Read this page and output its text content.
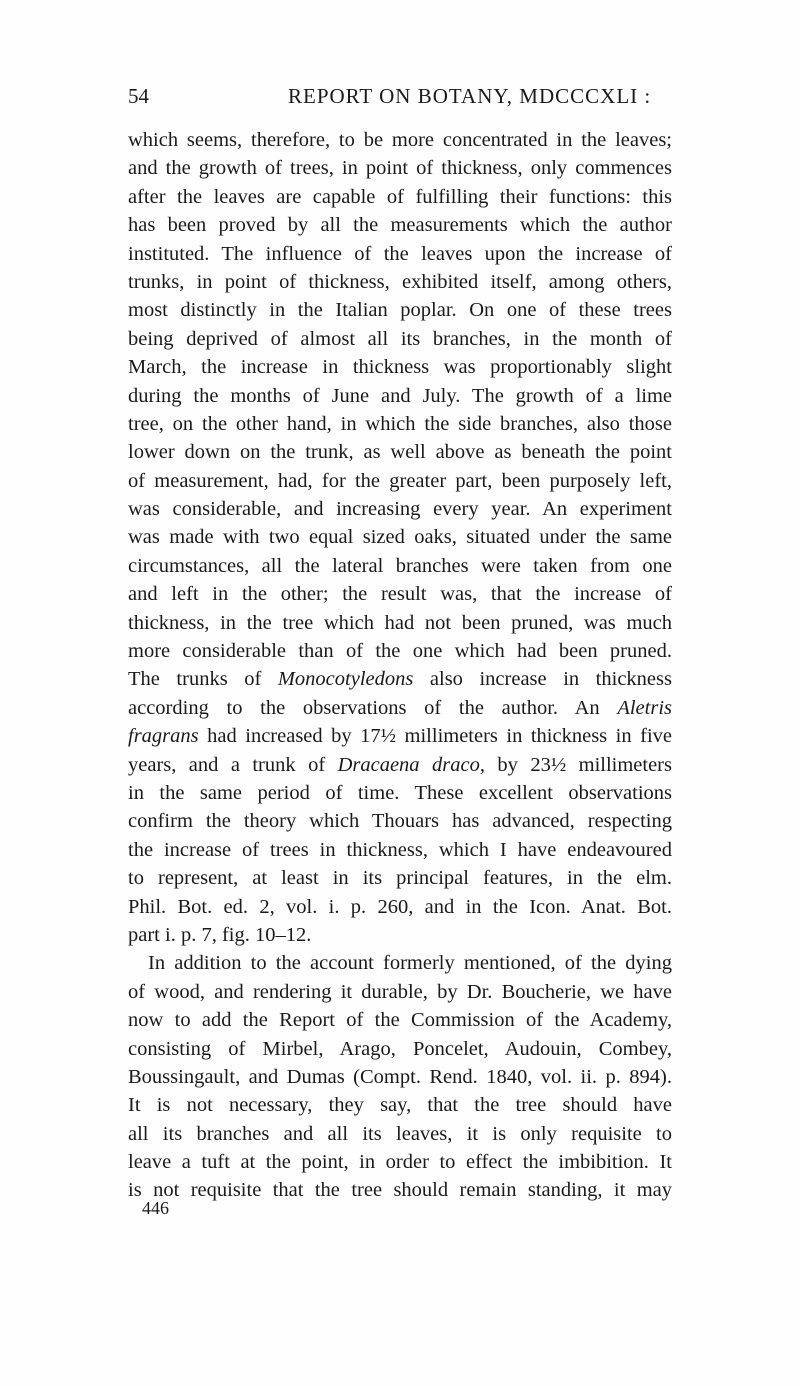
54	REPORT ON BOTANY, MDCCCXLI :
which seems, therefore, to be more concentrated in the leaves;
and the growth of trees, in point of thickness, only commences
after the leaves are capable of fulfilling their functions: this
has been proved by all the measurements which the author
instituted. The influence of the leaves upon the increase of
trunks, in point of thickness, exhibited itself, among others,
most distinctly in the Italian poplar. On one of these trees
being deprived of almost all its branches, in the month of
March, the increase in thickness was proportionably slight
during the months of June and July. The growth of a lime
tree, on the other hand, in which the side branches, also those
lower down on the trunk, as well above as beneath the point
of measurement, had, for the greater part, been purposely left,
was considerable, and increasing every year. An experiment
was made with two equal sized oaks, situated under the same
circumstances, all the lateral branches were taken from one
and left in the other; the result was, that the increase of
thickness, in the tree which had not been pruned, was much
more considerable than of the one which had been pruned.
The trunks of Monocotyledons also increase in thickness
according to the observations of the author. An Aletris
fragrans had increased by 17½ millimeters in thickness in five
years, and a trunk of Dracaena draco, by 23½ millimeters
in the same period of time. These excellent observations
confirm the theory which Thouars has advanced, respecting
the increase of trees in thickness, which I have endeavoured
to represent, at least in its principal features, in the elm.
Phil. Bot. ed. 2, vol. i. p. 260, and in the Icon. Anat. Bot.
part i. p. 7, fig. 10–12.
In addition to the account formerly mentioned, of the dying
of wood, and rendering it durable, by Dr. Boucherie, we have
now to add the Report of the Commission of the Academy,
consisting of Mirbel, Arago, Poncelet, Audouin, Combey,
Boussingault, and Dumas (Compt. Rend. 1840, vol. ii. p. 894).
It is not necessary, they say, that the tree should have
all its branches and all its leaves, it is only requisite to
leave a tuft at the point, in order to effect the imbibition. It
is not requisite that the tree should remain standing, it may
446
